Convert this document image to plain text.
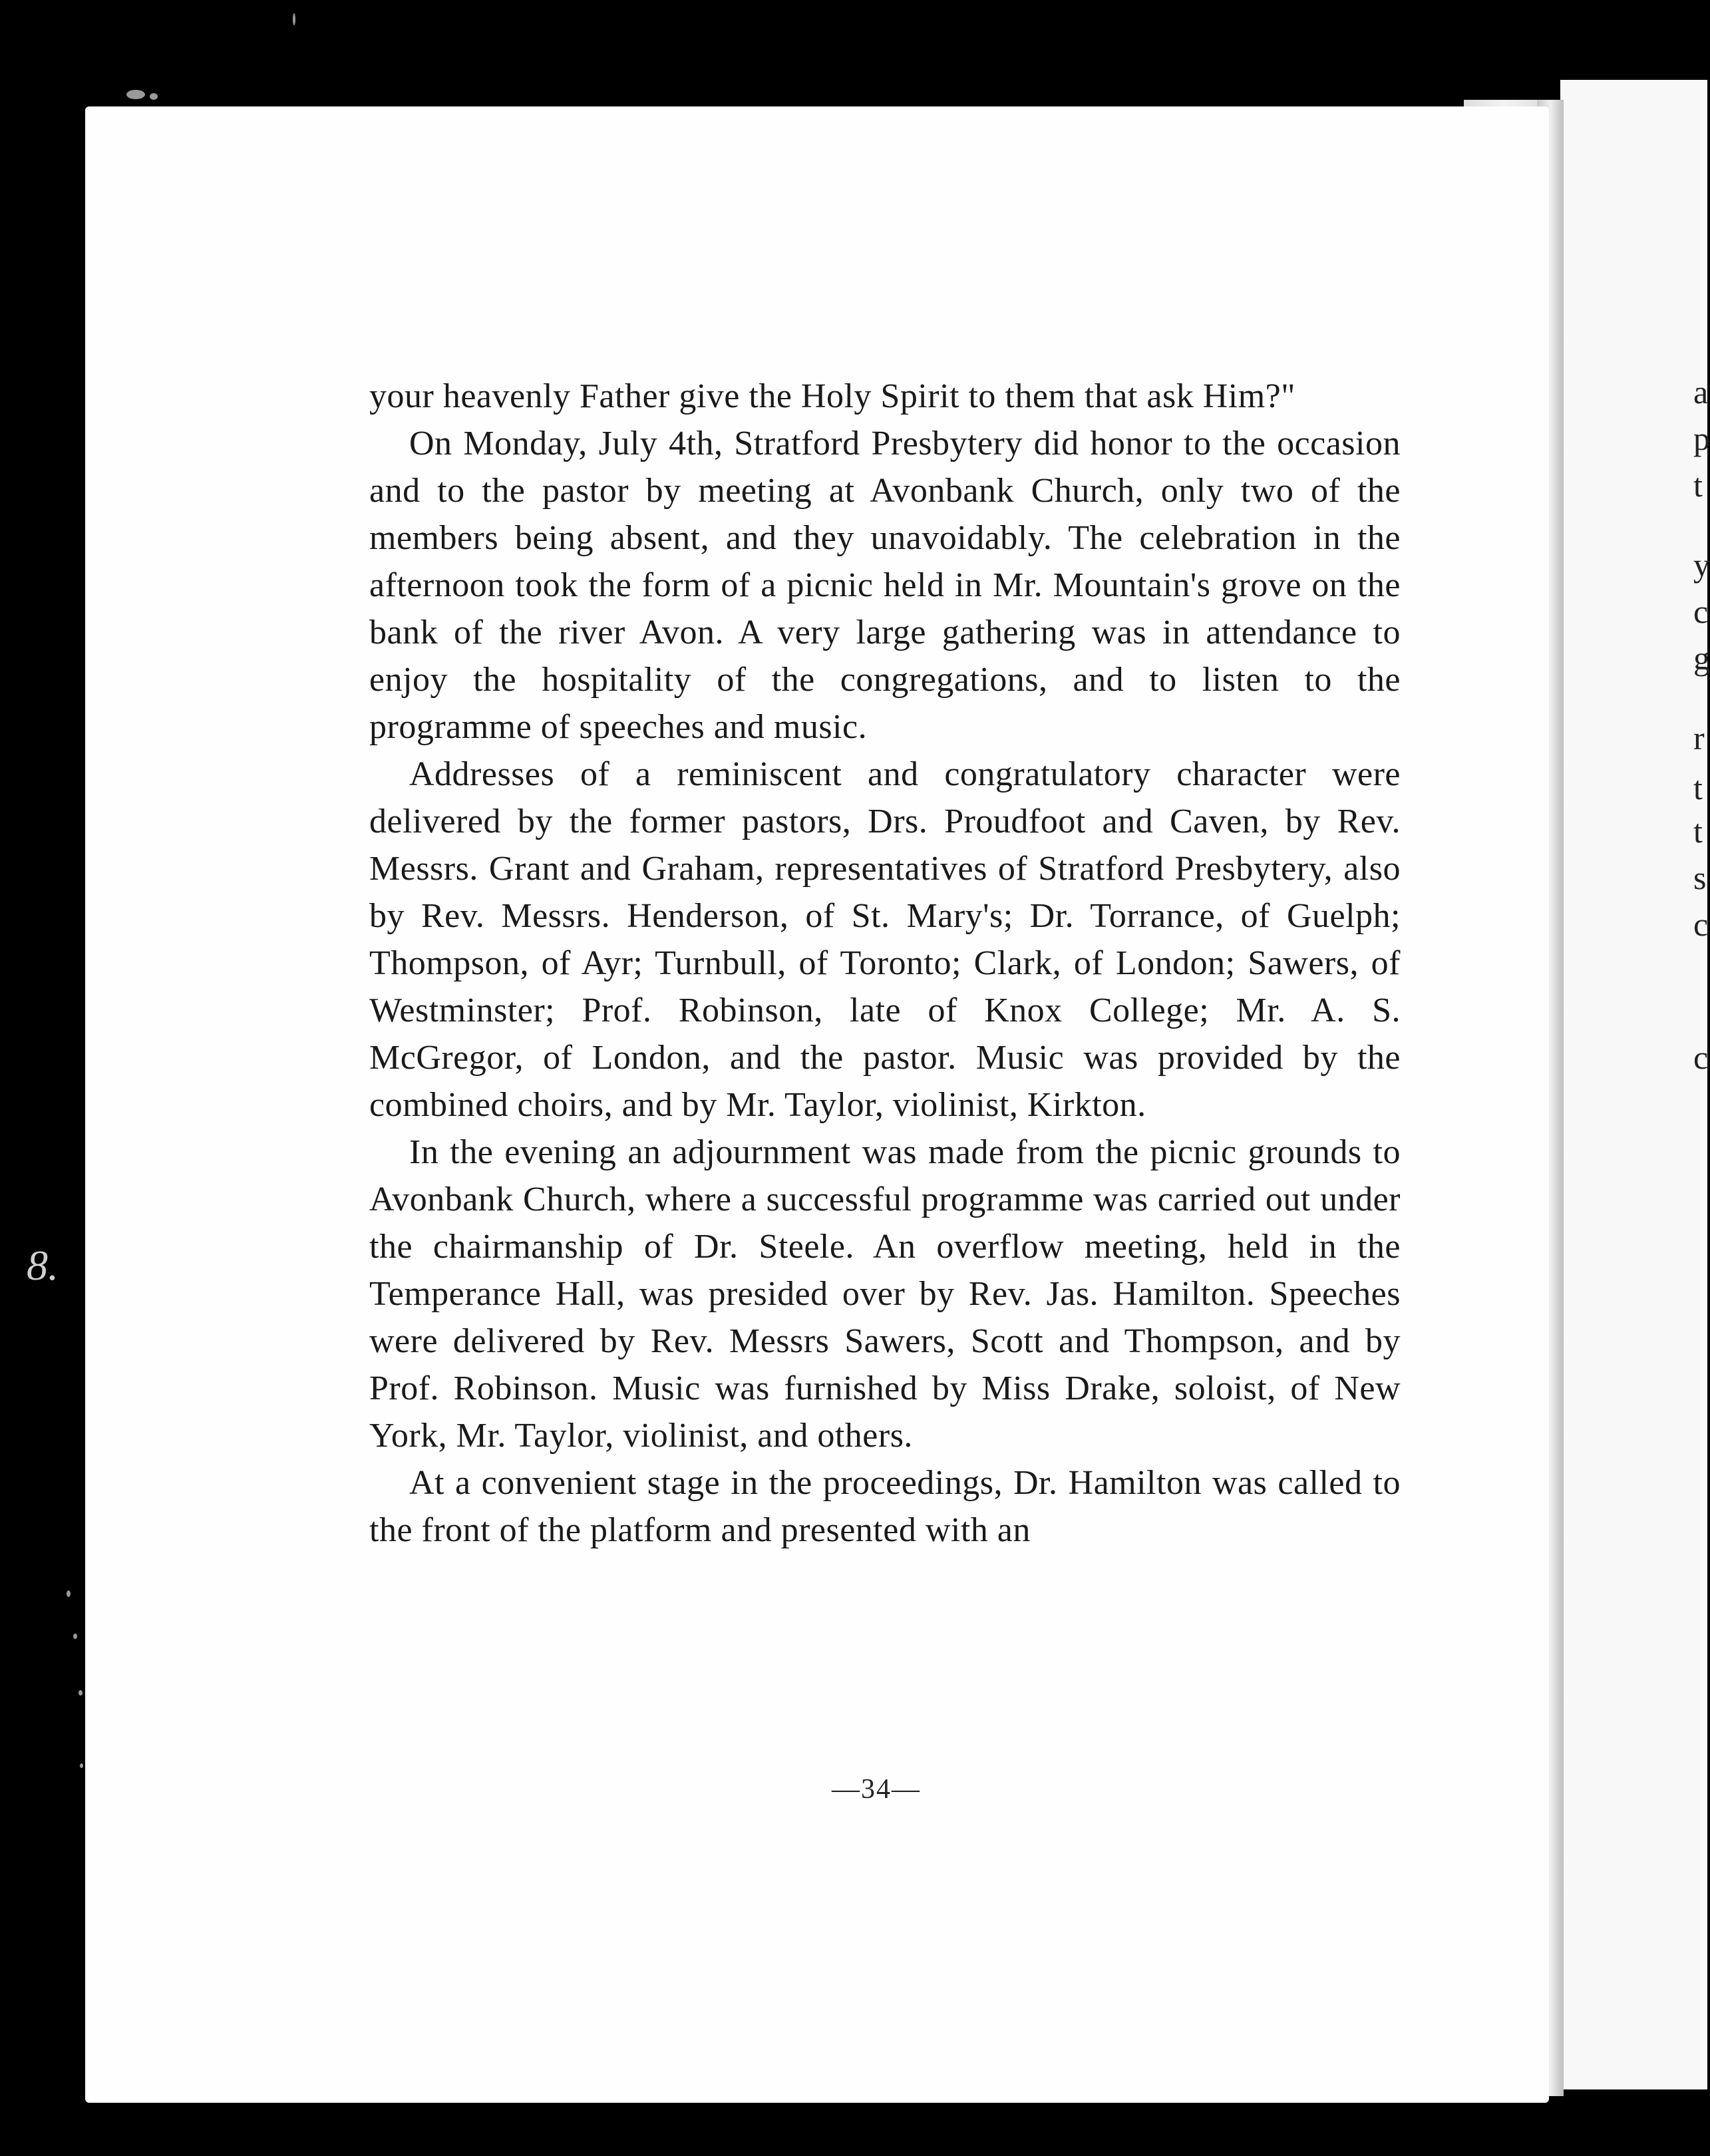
8.
a
p
t
y
c
g
r
t
t
s
c
c

your heavenly Father give the Holy Spirit to them that ask Him?"

On Monday, July 4th, Stratford Presbytery did honor to the occasion and to the pastor by meeting at Avonbank Church, only two of the members being absent, and they unavoidably. The celebration in the afternoon took the form of a picnic held in Mr. Mountain's grove on the bank of the river Avon. A very large gathering was in attendance to enjoy the hospitality of the congregations, and to listen to the programme of speeches and music.

Addresses of a reminiscent and congratulatory character were delivered by the former pastors, Drs. Proudfoot and Caven, by Rev. Messrs. Grant and Graham, representatives of Stratford Presbytery, also by Rev. Messrs. Henderson, of St. Mary's; Dr. Torrance, of Guelph; Thompson, of Ayr; Turnbull, of Toronto; Clark, of London; Sawers, of Westminster; Prof. Robinson, late of Knox College; Mr. A. S. McGregor, of London, and the pastor. Music was provided by the combined choirs, and by Mr. Taylor, violinist, Kirkton.

In the evening an adjournment was made from the picnic grounds to Avonbank Church, where a successful programme was carried out under the chairmanship of Dr. Steele. An overflow meeting, held in the Temperance Hall, was presided over by Rev. Jas. Hamilton. Speeches were delivered by Rev. Messrs Sawers, Scott and Thompson, and by Prof. Robinson. Music was furnished by Miss Drake, soloist, of New York, Mr. Taylor, violinist, and others.

At a convenient stage in the proceedings, Dr. Hamilton was called to the front of the platform and presented with an

—34—
